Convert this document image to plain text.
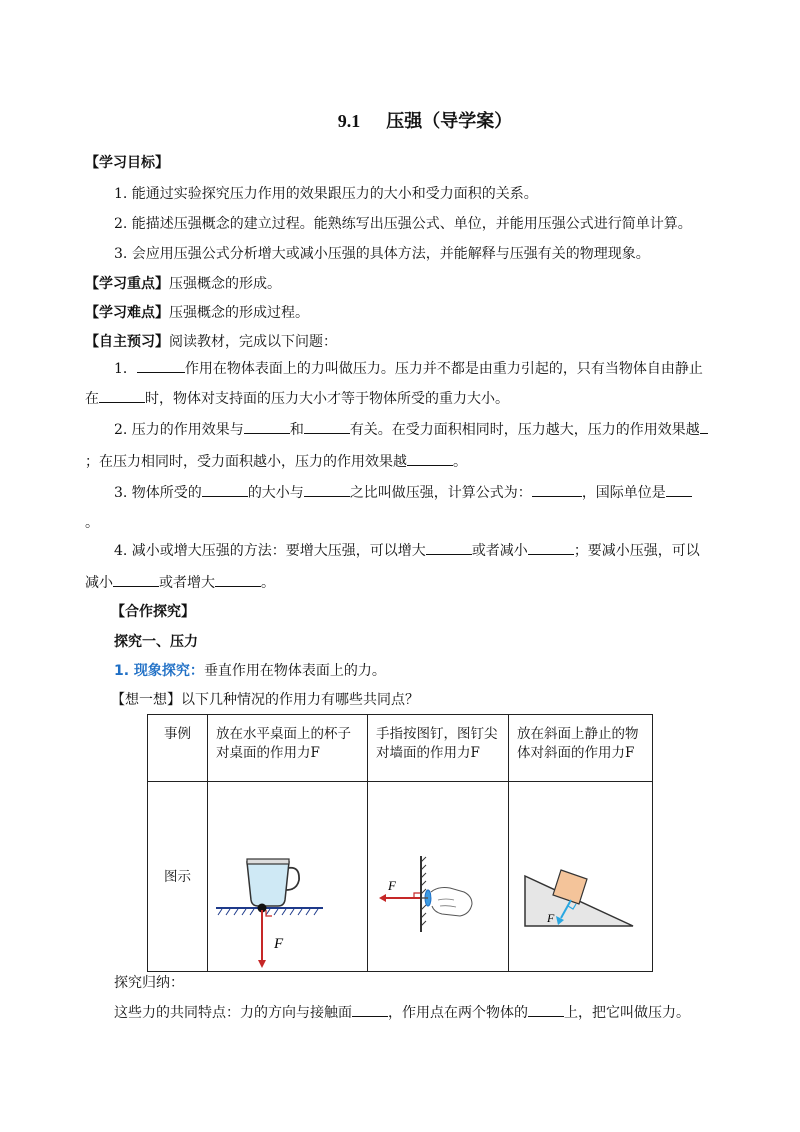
9.1 压强（导学案）
【学习目标】
1. 能通过实验探究压力作用的效果跟压力的大小和受力面积的关系。
2. 能描述压强概念的建立过程。能熟练写出压强公式、单位，并能用压强公式进行简单计算。
3. 会应用压强公式分析增大或减小压强的具体方法，并能解释与压强有关的物理现象。
【学习重点】压强概念的形成。
【学习难点】压强概念的形成过程。
【自主预习】阅读教材，完成以下问题：
1．	作用在物体表面上的力叫做压力。压力并不都是由重力引起的，只有当物体自由静止
在	时，物体对支持面的压力大小才等于物体所受的重力大小。
2. 压力的作用效果与	和	有关。在受力面积相同时，压力越大，压力的作用效果越
；在压力相同时，受力面积越小，压力的作用效果越	。
3. 物体所受的	的大小与	之比叫做压强，计算公式为：	，国际单位是
。
4. 减小或增大压强的方法：要增大压强，可以增大	或者减小	；要减小压强，可以
减小	或者增大	。
【合作探究】
探究一、压力
1. 现象探究：垂直作用在物体表面上的力。
【想一想】以下几种情况的作用力有哪些共同点？
事例	放在水平桌面上的杯子对桌面的作用力F	手指按图钉，图钉尖对墙面的作用力F	放在斜面上静止的物体对斜面的作用力F

图示	F	F	F
探究归纳：
这些力的共同特点：力的方向与接触面	，作用点在两个物体的	上，把它叫做压力。
